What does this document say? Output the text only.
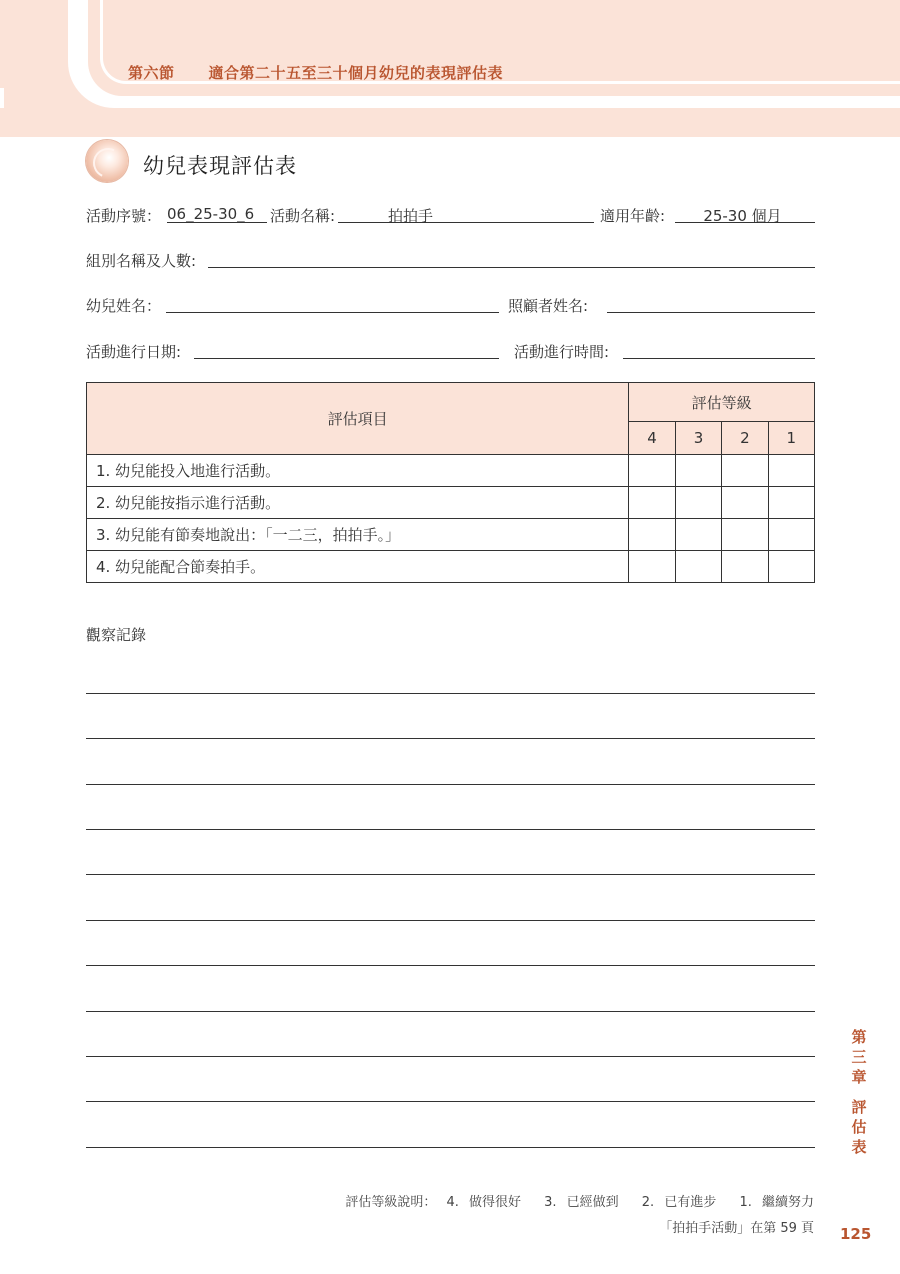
第六節 適合第二十五至三十個月幼兒的表現評估表
幼兒表現評估表
活動序號： 06_25-30_6	活動名稱:	拍拍手	適用年齡:	25-30 個月
組別名稱及人數:
幼兒姓名：	照顧者姓名:
活動進行日期:	活動進行時間:
評估項目	評估等級			
	4	3	2	1
1. 幼兒能投入地進行活動。				
2. 幼兒能按指示進行活動。				
3. 幼兒能有節奏地說出：「一二三，拍拍手。」				
4. 幼兒能配合節奏拍手。				
觀察記錄
第
三
章
評
估
表
評估等級說明： 4. 做得很好　 3. 已經做到　 2. 已有進步　 1. 繼續努力
「拍拍手活動」在第 59 頁 125
